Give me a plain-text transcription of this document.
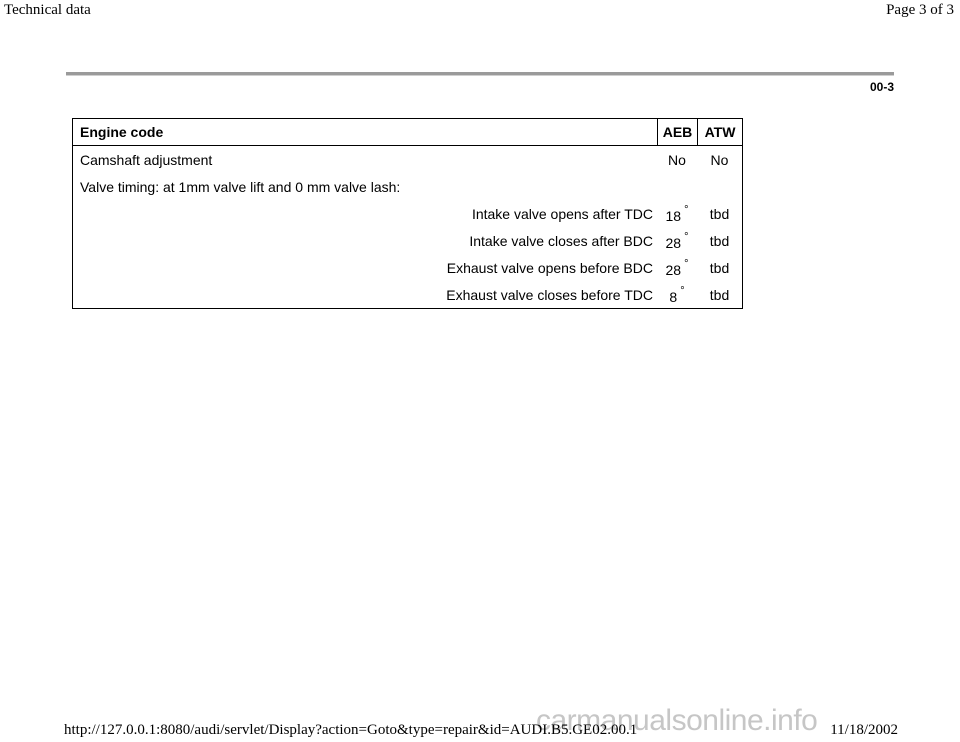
Technical data	Page 3 of 3
00-3
Engine code	AEB ATW
Camshaft adjustment	No	No
Valve timing: at 1mm valve lift and 0 mm valve lash:
Intake valve opens after TDC 18 °	tbd
Intake valve closes after BDC 28 °	tbd
Exhaust valve opens before BDC 28 °	tbd
Exhaust valve closes before TDC 8 °	tbd
carmanualsonline.info
http://127.0.0.1:8080/audi/servlet/Display?action=Goto&type=repair&id=AUDI.B5.GE02.00.1	11/18/2002
